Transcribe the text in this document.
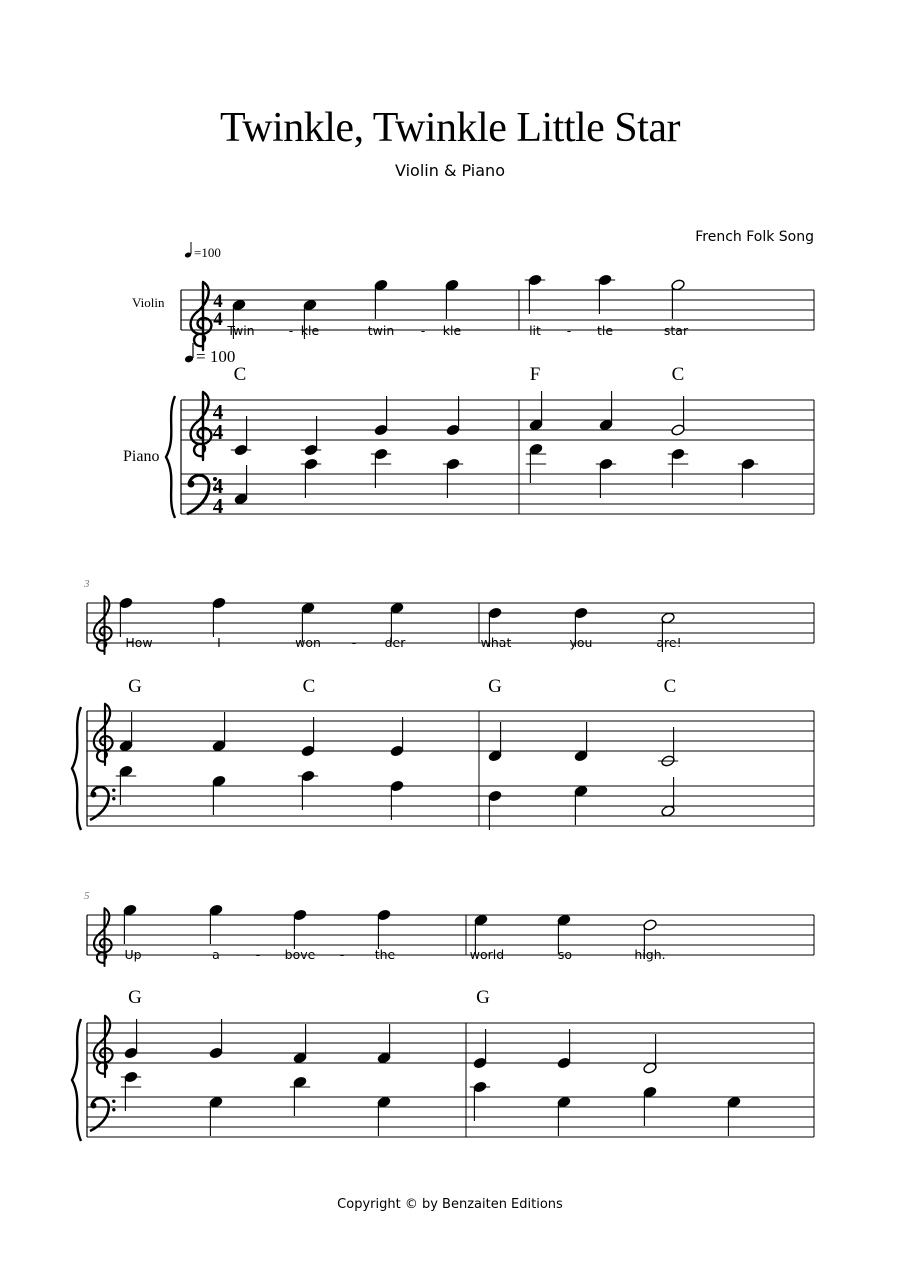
Twinkle, Twinkle Little Star
Violin & Piano
French Folk Song
Copyright © by Benzaiten Editions
=100
= 100
Violin
Piano
4
4
4
4
4
4
Twin	- kle	twin - kle	lit - tle	star
C	F	C
3
How	I	won - der	what	you	are!
G	C	G	C
5
Up	a	- bove - the	world	so	high.
G	G
